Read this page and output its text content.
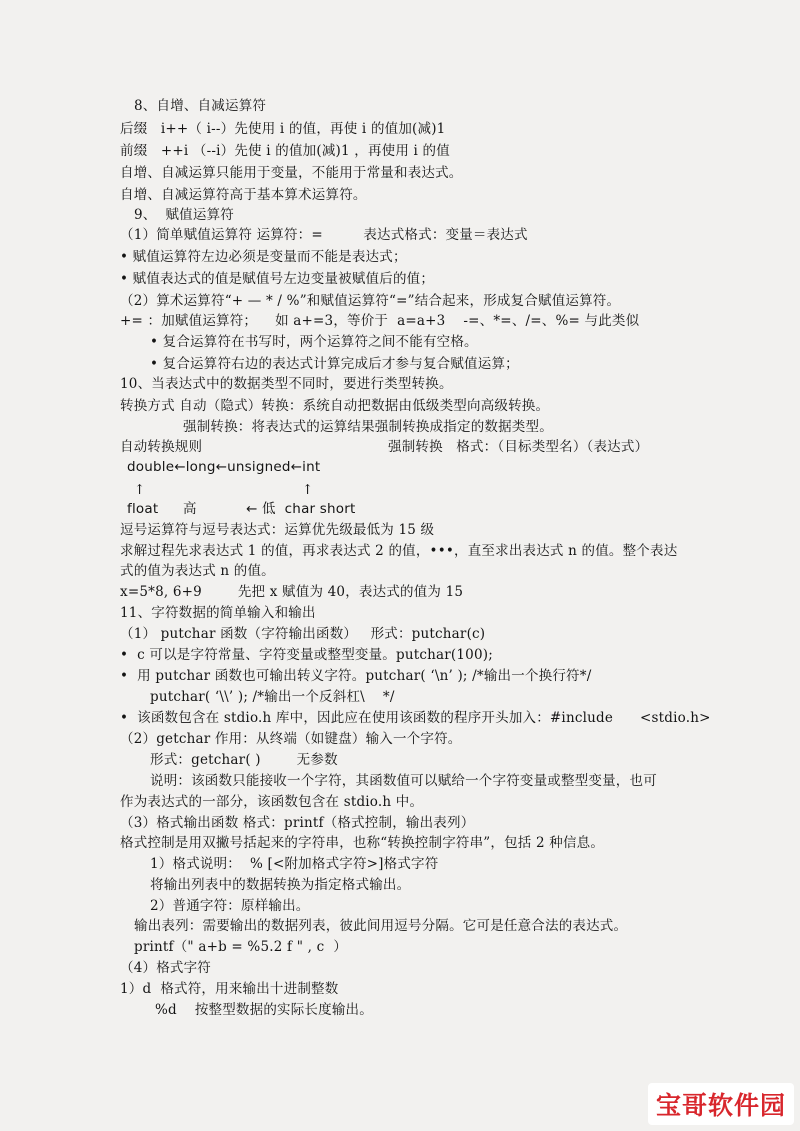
8、自增、自减运算符
后缀   i++（ i--）先使用 i 的值，再使 i 的值加(减)1
前缀   ++i （--i）先使 i 的值加(减)1 ，再使用 i 的值
自增、自减运算只能用于变量，不能用于常量和表达式。
自增、自减运算符高于基本算术运算符。
9、  赋值运算符
（1）简单赋值运算符 运算符：=         表达式格式：变量＝表达式
• 赋值运算符左边必须是变量而不能是表达式；
• 赋值表达式的值是赋值号左边变量被赋值后的值；
（2）算术运算符“+ — * / %”和赋值运算符“=”结合起来，形成复合赋值运算符。
+= ：加赋值运算符；    如 a+=3，等价于  a=a+3    -=、*=、/=、%= 与此类似
• 复合运算符在书写时，两个运算符之间不能有空格。
• 复合运算符右边的表达式计算完成后才参与复合赋值运算；
10、当表达式中的数据类型不同时，要进行类型转换。
转换方式 自动（隐式）转换：系统自动把数据由低级类型向高级转换。
强制转换：将表达式的运算结果强制转换成指定的数据类型。
自动转换规则	强制转换   格式：（目标类型名）（表达式）
double←long←unsigned←int
↑	↑
float 高	← 低  char short
逗号运算符与逗号表达式：运算优先级最低为 15 级
求解过程先求表达式 1 的值，再求表达式 2 的值，•••，直至求出表达式 n 的值。整个表达
式的值为表达式 n 的值。
x=5*8, 6+9        先把 x 赋值为 40，表达式的值为 15
11、字符数据的简单输入和输出
（1） putchar 函数（字符输出函数）   形式：putchar(c)
•  c 可以是字符常量、字符变量或整型变量。putchar(100);
•  用 putchar 函数也可输出转义字符。putchar( ‘\n’ ); /*输出一个换行符*/
putchar( ‘\\’ ); /*输出一个反斜杠\    */
•  该函数包含在 stdio.h 库中，因此应在使用该函数的程序开头加入：#include      <stdio.h>
（2）getchar 作用：从终端（如键盘）输入一个字符。
形式：getchar( )        无参数
说明：该函数只能接收一个字符，其函数值可以赋给一个字符变量或整型变量，也可
作为表达式的一部分，该函数包含在 stdio.h 中。
（3）格式输出函数 格式：printf（格式控制，输出表列）
格式控制是用双撇号括起来的字符串，也称“转换控制字符串”，包括 2 种信息。
1）格式说明：  % [<附加格式字符>]格式字符
将输出列表中的数据转换为指定格式输出。
2）普通字符：原样输出。
输出表列：需要输出的数据列表，彼此间用逗号分隔。它可是任意合法的表达式。
printf（" a+b = %5.2 f " , c  ）
（4）格式字符
1）d  格式符，用来输出十进制整数
%d    按整型数据的实际长度输出。
宝哥软件园
